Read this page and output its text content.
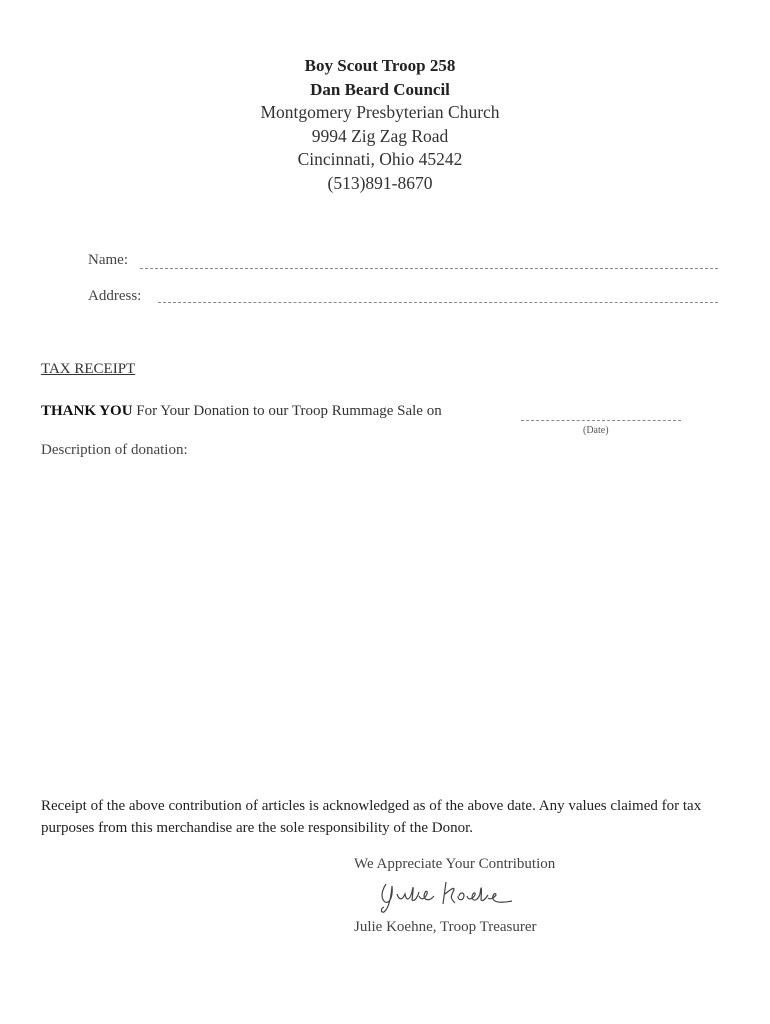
Boy Scout Troop 258
Dan Beard Council
Montgomery Presbyterian Church
9994 Zig Zag Road
Cincinnati, Ohio 45242
(513)891-8670
Name:
Address:
TAX RECEIPT
THANK YOU For Your Donation to our Troop Rummage Sale on
(Date)
Description of donation:
Receipt of the above contribution of articles is acknowledged as of the above date. Any values claimed for tax purposes from this merchandise are the sole responsibility of the Donor.
We Appreciate Your Contribution
Julie Koehne, Troop Treasurer
